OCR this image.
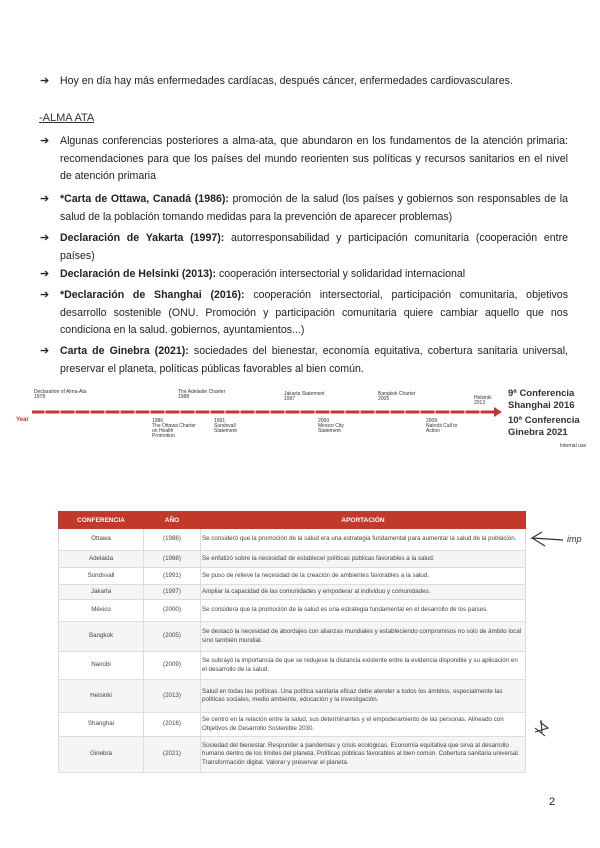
➔ Hoy en día hay más enfermedades cardíacas, después cáncer, enfermedades cardiovasculares.
-ALMA ATA
➔ Algunas conferencias posteriores a alma-ata, que abundaron en los fundamentos de la atención primaria: recomendaciones para que los países del mundo reorienten sus políticas y recursos sanitarios en el nivel de atención primaria
➔ *Carta de Ottawa, Canadá (1986): promoción de la salud (los países y gobiernos son responsables de la salud de la población tomando medidas para la prevención de aparecer problemas)
➔ Declaración de Yakarta (1997): autorresponsabilidad y participación comunitaria (cooperación entre países)
➔ Declaración de Helsinki (2013): cooperación intersectorial y solidaridad internacional
➔ *Declaración de Shanghai (2016): cooperación intersectorial, participación comunitaria, objetivos desarrollo sostenible (ONU. Promoción y participación comunitaria quiere cambiar aquello que nos condiciona en la salud. gobiernos, ayuntamientos...)
➔ Carta de Ginebra (2021): sociedades del bienestar, economía equitativa, cobertura sanitaria universal, preservar el planeta, políticas públicas favorables al bien común.
Year
Declaration of Alma-Ata
1978
The Adelaide Charter
1988	Jakarta Statement
1997
Bangkok Charter
2005	Helsinki
2013
1986
The Ottawa Charter on Health Promotion
1991
Sundsvall Statement
2000
Mexico City Statement
2009
Nairobi Call to Action
9ª Conferencia
Shanghai 2016
10ª Conferencia
Ginebra 2021
Internal use
CONFERENCIA	AÑO	APORTACIÓN
Ottawa	(1986)	Se consideró que la promoción de la salud era una estrategia fundamental para aumentar la salud de la población.
Adelaida	(1988)	Se enfatizó sobre la necesidad de establecer políticas públicas favorables a la salud.
Sundsvall	(1991)	Se puso de relieve la necesidad de la creación de ambientes favorables a la salud.
Jakarta	(1997)	Ampliar la capacidad de las comunidades y empoderar al individuo y comunidades.
México	(2000)	Se considera que la promoción de la salud es una estrategia fundamental en el desarrollo de los países.
Bangkok	(2005)	Se destacó la necesidad de abordajes con alianzas mundiales y estableciendo compromisos no solo de ámbito local sino también mundial.
Nairobi	(2009)	Se subrayó la importancia de que se redujese la distancia existente entre la evidencia disponible y su aplicación en el desarrollo de la salud.
Helsinki	(2013)	Salud en todas las políticas. Una política sanitaria eficaz debe atender a todos los ámbitos, especialmente las políticas sociales, medio ambiente, educación y la investigación.
Shanghai	(2016)	Se centró en la relación entre la salud, sus determinantes y el empoderamiento de las personas. Alineado con Objetivos de Desarrollo Sostenible 2030.
Ginebra	(2021)	Sociedad del bienestar. Responder a pandemias y crisis ecológicas. Economía equitativa que sirva al desarrollo humano dentro de los límites del planeta. Políticas públicas favorables al bien común. Cobertura sanitaria universal. Transformación digital. Valorar y preservar el planeta.
imp
2
